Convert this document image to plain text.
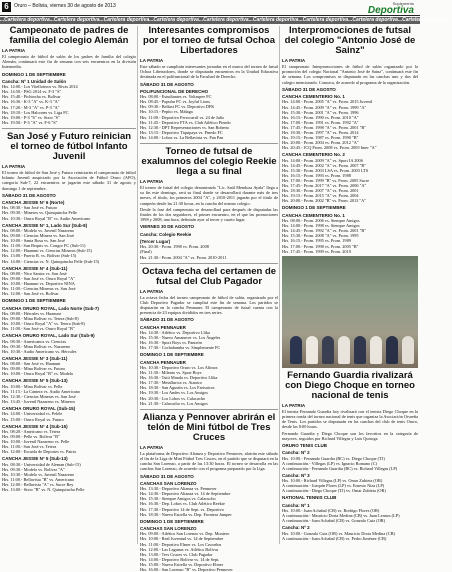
6	Oruro – Bolivia, viernes 30 de agosto de 2013	Suplemento
Deportiva
...Cartelera deportiva...Cartelera deportiva...Cartelera deportiva...Cartelera deportiva...Cartelera deportiva...Cartelera deportiva...Cartelera deportiva...Cartelera deportiva...Cartelera deportiva...
Campeonato de padres de familia del colegio Alemán
LA PATRIA

El campeonato de fútbol de salón de los padres de familia del colegio Alemán, continuará este fin de semana con seis encuentros en la división Intermedia.

DOMINGO 1 DE SEPTIEMBRE
Cancha: Nº 1 Unidad de Salón
Hrs. 14:00.- Los Vitelloteros vs. Rivas 2014
Hrs. 14:50.- PSG 2014 vs. F-3 "S"
Hrs. 15:40.- Pichincha vs. Bolívar
Hrs. 16:30.- K-3 "A" vs. K-3 "A"
Hrs. 17:20.- M-3 "A" vs. P-3 "A"
Hrs. 18:10.- Los Halcones vs. Liga FC
Hrs. 19:00.- P-3 "S" vs. Sixto "S"
Hrs. 19:50.- P-3 "A" vs. F-6 "S"
San José y Futuro reinician el torneo de fútbol Infanto Juvenil
LA PATRIA

El torneo de fútbol de San José y Futuro reiniciarán el campeonato de fútbol Infanto Juvenil auspiciado por la Asociación de Fútbol Oruro (AFO), categoría Sub-7, 22 encuentros se jugarán este sábado 31 de agosto y domingo 1 de septiembre.

SÁBADO 31 DE AGOSTO
CANCHA JESSIE N° 6 (Norte)
Hrs. 08:30.- San José vs. Futuro
Hrs. 09:30.- Mineros vs. Quinquincha Pelle
Hrs. 10:30.- Oruro Royal "B" vs. Audio Americano
CANCHA JESSIE N° 1, Lado Sur (Sub-8)
Hrs. 08:00.- Modelo vs. Juvenil Nazareno
Hrs. 09:00.- Ciencias Minera vs. San José
Hrs. 10:00.- Santa Rosa vs. San José
Hrs. 11:00.- San Bequis vs. Congor FC (Sub-11)
Hrs. 12:00.- Huanuni vs. Ciencias Mineras (Sub-15)
Hrs. 13:00.- Puerto R. vs. Bolívar (Sub-15)
Hrs. 14:00.- Ciencias vs. N. Quinquincha Pelle (Sub-15)
CANCHA JESSIE N° 4 (Sub-11)
Hrs. 08:00.- Nico Santos vs. San José
Hrs. 09:00.- San José vs. Oruro Royal "A"
Hrs. 10:00.- Huanuni vs. Deportivo NINA
Hrs. 11:00.- Ciencias Mineras vs. San José
Hrs. 12:00.- San José vs. Bolívar
DOMINGO 1 DE SEPTIEMBRE
CANCHA ORURO ROYAL, Lado Norte (Sub-7)
Hrs. 08:00.- Hércules vs. Huanuni
Hrs. 09:00.- Mina Bolívar vs. Tetera (Sub-8)
Hrs. 10:00.- Oruro Royal "A" vs. Tetera (Sub-8)
Hrs. 11:00.- San José vs. Oruro Royal "B"
CANCHA ORURO ROYAL, Lado Sur (Sub-9)
Hrs. 08:30.- Americanos vs. Ciencias
Hrs. 09:30.- Mina Bolívar vs. Nazareno
Hrs. 10:30.- Audio Americano vs. Hércules
CANCHA JESSIE N° 3 (Sub-11)
Hrs. 08:00.- San José vs. Huanuni
Hrs. 09:00.- Mina Bolívar vs. Futuro
Hrs. 10:00.- Oruro Royal "B" vs. Modelo
CANCHA JESSIE N° 5 (Sub-13)
Hrs. 10:00.- Mina Bolívar vs. Pelle
Hrs. 11:15.- La Cantera vs. Audio Americano
Hrs. 12:30.- Ciencias Mineras vs. San José
Hrs. 13:45.- Juvenil Nazareno vs. Mineros
CANCHA ORURO ROYAL (Sub-15)
Hrs. 14:00.- Universidad vs. Pelele
Hrs. 15:00.- Oruro Royal vs. Futuro
CANCHA JESSIE N° 4 (Sub-15)
Hrs. 08:20.- Americano vs. Tetera
Hrs. 09:00.- Pelle vs. Bolívar "B"
Hrs. 10:00.- Juvenil Nazareno vs. Pelle
Hrs. 11:00.- San José vs. Tetera
Hrs. 12:00.- Escuela de Deportes vs. Patria
CANCHA JESSIE N° 5 (Sub-13)
Hrs. 08:30.- Universidad de Aleman (Sub-15)
Hrs. 09:30.- Modelo vs. Bolívar "A"
Hrs. 10:30.- Modelo vs. Juvenil Nazareno
Hrs. 11:00.- Bellavista "B" vs. Americano
Hrs. 12:00.- Bellavista "A" vs. Sucre Rey
Hrs. 13:00.- Sixto "B" vs. N. Quinquincha Pelle
Interesantes compromisos por el torneo de futsal Ochoa Libertadores
LA PATRIA

Este sábado se cumplirán interesantes jornadas en el marco del torneo de futsal Ochoa Libertadores, donde se disputarán encuentros en la Unidad Educativa destinada en el polifuncional de la Facultad de Derecho.

SÁBADO 31 DE AGOSTO
POLIFUNCIONAL DE DERECHO
Hrs. 08:00.- Estudiantes vs. Voltaspee FC
Hrs. 08:45.- Popular FC vs. Joyful Lions
Hrs. 09:30.- Belfast FC vs. Deportivo DFK
Hrs. 10:15.- Pepito vs. Málaga
Hrs. 11:00.- Deportivo Ferrocarril vs. 24 de Julio
Hrs. 11:45.- Deportivo FTA vs. Club Atlético Pinedo
Hrs. 12:30.- DPT Representaciones vs. San Roberto
Hrs. 13:15.- Deportivo Tiquipaya vs. Pinedo FC
Hrs. 14:00.- Lobos vs. La Bellavista vs. Pan Pan
Torneo de futsal de exalumnos del colegio Reekie llega a su final
LA PATRIA

El torneo de futsal del colegio denominado "Lic. Saúl Mendoza Ayala" llega a su fin este domingo, será su final donde se desarrollará durante más de tres meses, el título, los primeros 2004 "A", y 2010-2011 jugarán por el título de campeón desde las 21:30 horas, en la cancha del mismo colegio.

Desde la fase del campeonato se desarrollará para después de disputadas las finales de los dos seguidores, el primer encuentro, en el que las promociones 1998 y 2008, una hora, definirán ayer al tercer y cuarto lugar.

VIERNES 30 DE AGOSTO
Cancha: Colegio Reekie
(Tercer Lugar)
Hrs. 20:30.- Prom. 1998 vs. Prom. 2008
(Final)
Hrs. 21:30.- Prom. 2004 "A" vs. Prom. 2010-2011
Octava fecha del certamen de futsal del Club Pagador
LA PATRIA

La octava fecha del torneo campeonato de fútbol de salón, organizado por el Club Deportivo Pagador se cumplirá este fin de semana. Los partidos se disputarán en la cancha Pennauer. El campeonato de futsal cuenta con la presencia de 23 equipos divididos en tres series.

SÁBADO 31 DE AGOSTO
CANCHA PENNAUER
Hrs. 14:30.- Atlético vs. Deportivo Llika
Hrs. 15:30.- Nuevo Amanecer vs. Los Ángeles
Hrs. 16:30.- Sport Boys vs. Panteón
Hrs. 17:30.- Cochabamba vs. Simplemente FC
DOMINGO 1 DE SEPTIEMBRE
CANCHA PENNAUER
Hrs. 10:30.- Deportivo Oruro vs. Los Altinos
Hrs. 11:30.- Milenio vs. Sport Boys
Hrs. 16:30.- Tuiti Manda vs. Deportivo Llika
Hrs. 17:30.- Metallurica vs. Atanico
Hrs. 18:30.- San Agustín vs. Los Farisaicos
Hrs. 19:30.- Los Andes vs. Los Amigos
Hrs. 20:30.- Los Lobos vs. Calacucho
Hrs. 21:30.- Calacucho vs. Los Amigos
Alianza y Pennover abrirán el telón de Mini fútbol de Tres Cruces
LA PATRIA

La plataforma de Deportivo Alianza y Deportivo Pennover, abrirán este sábado el fin de la Liga de Mini Fútbol Tres Cruces, en el partido que se disputará en la cancha San Lorenzo, a partir de las 13:30 horas. El torneo se desarrolla en las canchas San Lorenzo, de acuerdo con el programa preparado por la Liga.

SÁBADO 31 DE AGOSTO
CANCHAS SAN LORENZO
Hrs. 13:30.- Deportivo Alianza vs. Pennover
Hrs. 14:30.- Deportivo Alianza vs. 14 de Septiembre
Hrs. 15:30.- Siempre Amigos vs. Calacucho
Hrs. 16:30.- Dep. Lobos vs. Club Atlético Reekie
Hrs. 17:30.- Deportivo 14 de Sept. vs. Deportivo
Hrs. 18:30.- Nueva Estrella vs. Dep. Frontera Jumper
DOMINGO 1 DE SEPTIEMBRE
CANCHAS SAN LORENZO
Hrs. 09:00.- Atlético San Lorenzo vs. Dep. Montero
Hrs. 10:00.- Real Juventud vs. 14 de Septiembre
Hrs. 11:00.- Deportivo Elmer vs. Los Cruceños
Hrs. 12:00.- Las Lagunas vs. Atlético Bolívar
Hrs. 13:00.- Tres Cruces vs. Club Pagador
Hrs. 14:00.- Deportivo Bolívar vs. 14 de Sept.
Hrs. 15:00.- Nueva Estrella vs. Deportivo Elmer
Hrs. 16:00.- San Lorenzo "B" vs. Deportivo Pennover
Interpromociones de futsal del colegio "Antonio José de Sainz"
LA PATRIA

El campeonato Interpromociones de fútbol de salón organizado por la promoción del colegio Nacional "Antonio José de Sainz", continuará este fin de semana. Los compromisos se disputarán en las canchas uno y dos del colegio mencionado. Conozca, de acuerdo al programa de la organización.

SÁBADO 31 DE AGOSTO
CANCHA CEMENTERIO No. 1
Hrs. 14:00.- Prom. 2005 "A" vs. Prom. 2015 Juvenil
Hrs. 14:45.- Prom. 2009 "A" vs. Prom. 1999 "A"
Hrs. 15:30.- Prom. 2001 "A" vs. Prom. 1996
Hrs. 16:15.- Prom. 1990 vs. Prom. 2010 "A"
Hrs. 17:00.- Prom. 1991 vs. Prom. 1992 "A"
Hrs. 17:45.- Prom. 1998 "A" vs. Prom. 2001 "B"
Hrs. 18:30.- Prom. 1997 "A" vs. Prom. 2014
Hrs. 19:15.- Prom. 1987 vs. Prom. 1990 "B"
Hrs. 20:00.- Prom. 2004 vs. Prom. 2012 "A"
Hrs. 20:45.- JCQ Prom. 2008 vs. Prom. 2005 Inter "A"
CANCHA CEMENTERIO No. 2
Hrs. 14:00.- Prom. 2009 "A" vs. Sport IA 2006
Hrs. 14:45.- Prom. 2002 "A" vs. Prom. 2007 "B"
Hrs. 15:30.- Prom. 2003 LSA vs. Prom. 2003 LTS
Hrs. 16:15.- Prom. 1993 vs. Prom. 1988
Hrs. 17:00.- Prom. 1999 "B" vs. Prom. 2005 Sucre
Hrs. 17:45.- Prom. 2017 "A" vs. Prom. 2006 "A"
Hrs. 18:30.- Prom. 2007 "A" vs. Prom. 2001
Hrs. 19:15.- Prom. 2015 "A" vs. Prom. 2004
Hrs. 20:00.- Prom. 2002 "B" vs. Prom. 2013 "A"
DOMINGO 1 DE SEPTIEMBRE
CANCHA CEMENTERIO No. 1
Hrs. 08:00.- Prom. 2006 vs. Siempre Amigos
Hrs. 14:00.- Prom. 1998 vs. Siempre Amigos
Hrs. 14:45.- Prom. 1992 "A" vs. Prom. 2001 "B"
Hrs. 15:30.- Prom. 2008 "A" vs. Prom. 1995
Hrs. 16:15.- Prom. 1995 vs. Prom. 1989
Hrs. 17:00.- Prom. 1998 vs. Prom. 2005 "B"
Hrs. 17:45.- Prom. 1999 vs. Prom. 2010
Fernando Guardia rivalizará con Diego Choque en torneo nacional de tenis
LA PATRIA

El tenista Fernando Guardia hoy rivalizará con el tenista Diego Choque en la primera ronda del torneo nacional de tenis que organiza la Asociación Orureña de Tenis. Los partidos se disputarán en las canchas del club de tenis Oruro, desde las 8:00 horas.

Fernando Guardia y Diego Choque son los favoritos en la categoría de mayores, seguidos por Richard Villegas y Luis Quiroga.

ORURO TENIS CLUB
Cancha: Nº 2
Hrs. 10:00.- Fernando Guardia (BC) vs. Diego Choque (TJ)
A continuación.- Villegas (LP) vs. Ignacio Romano (C)
A continuación.- Fernando Guardia (BC) vs. Richard Villegas (LP)
Cancha: Nº 3
Hrs. 10:00.- Richard Villegas (LP) vs. Omar Zubieta (OR)
A continuación.- Joaquín Flores (LP) vs. Ernesto Niza (LP)
A continuación.- Diego Choque (TJ) vs. Omar Zubieta (OR)
NATIONAL TENNIS CLUB
Cancha: Nº 1
Hrs. 10:00.- Juan Achabal (CB) vs. Rodrigo Flores (OR)
A continuación.- Mauricio Doria Medina (CB) vs. Juan Leanos (LP)
A continuación.- Juan Achabal (CB) vs. Gonzalo Cuiz (OR)
Cancha: Nº 2
Hrs. 10:00.- Gonzalo Cuiz (OR) vs. Mauricio Doria Medina (CB)
A continuación.- Juan Achabal (CB) vs. Pedro Jiménez (CB)
